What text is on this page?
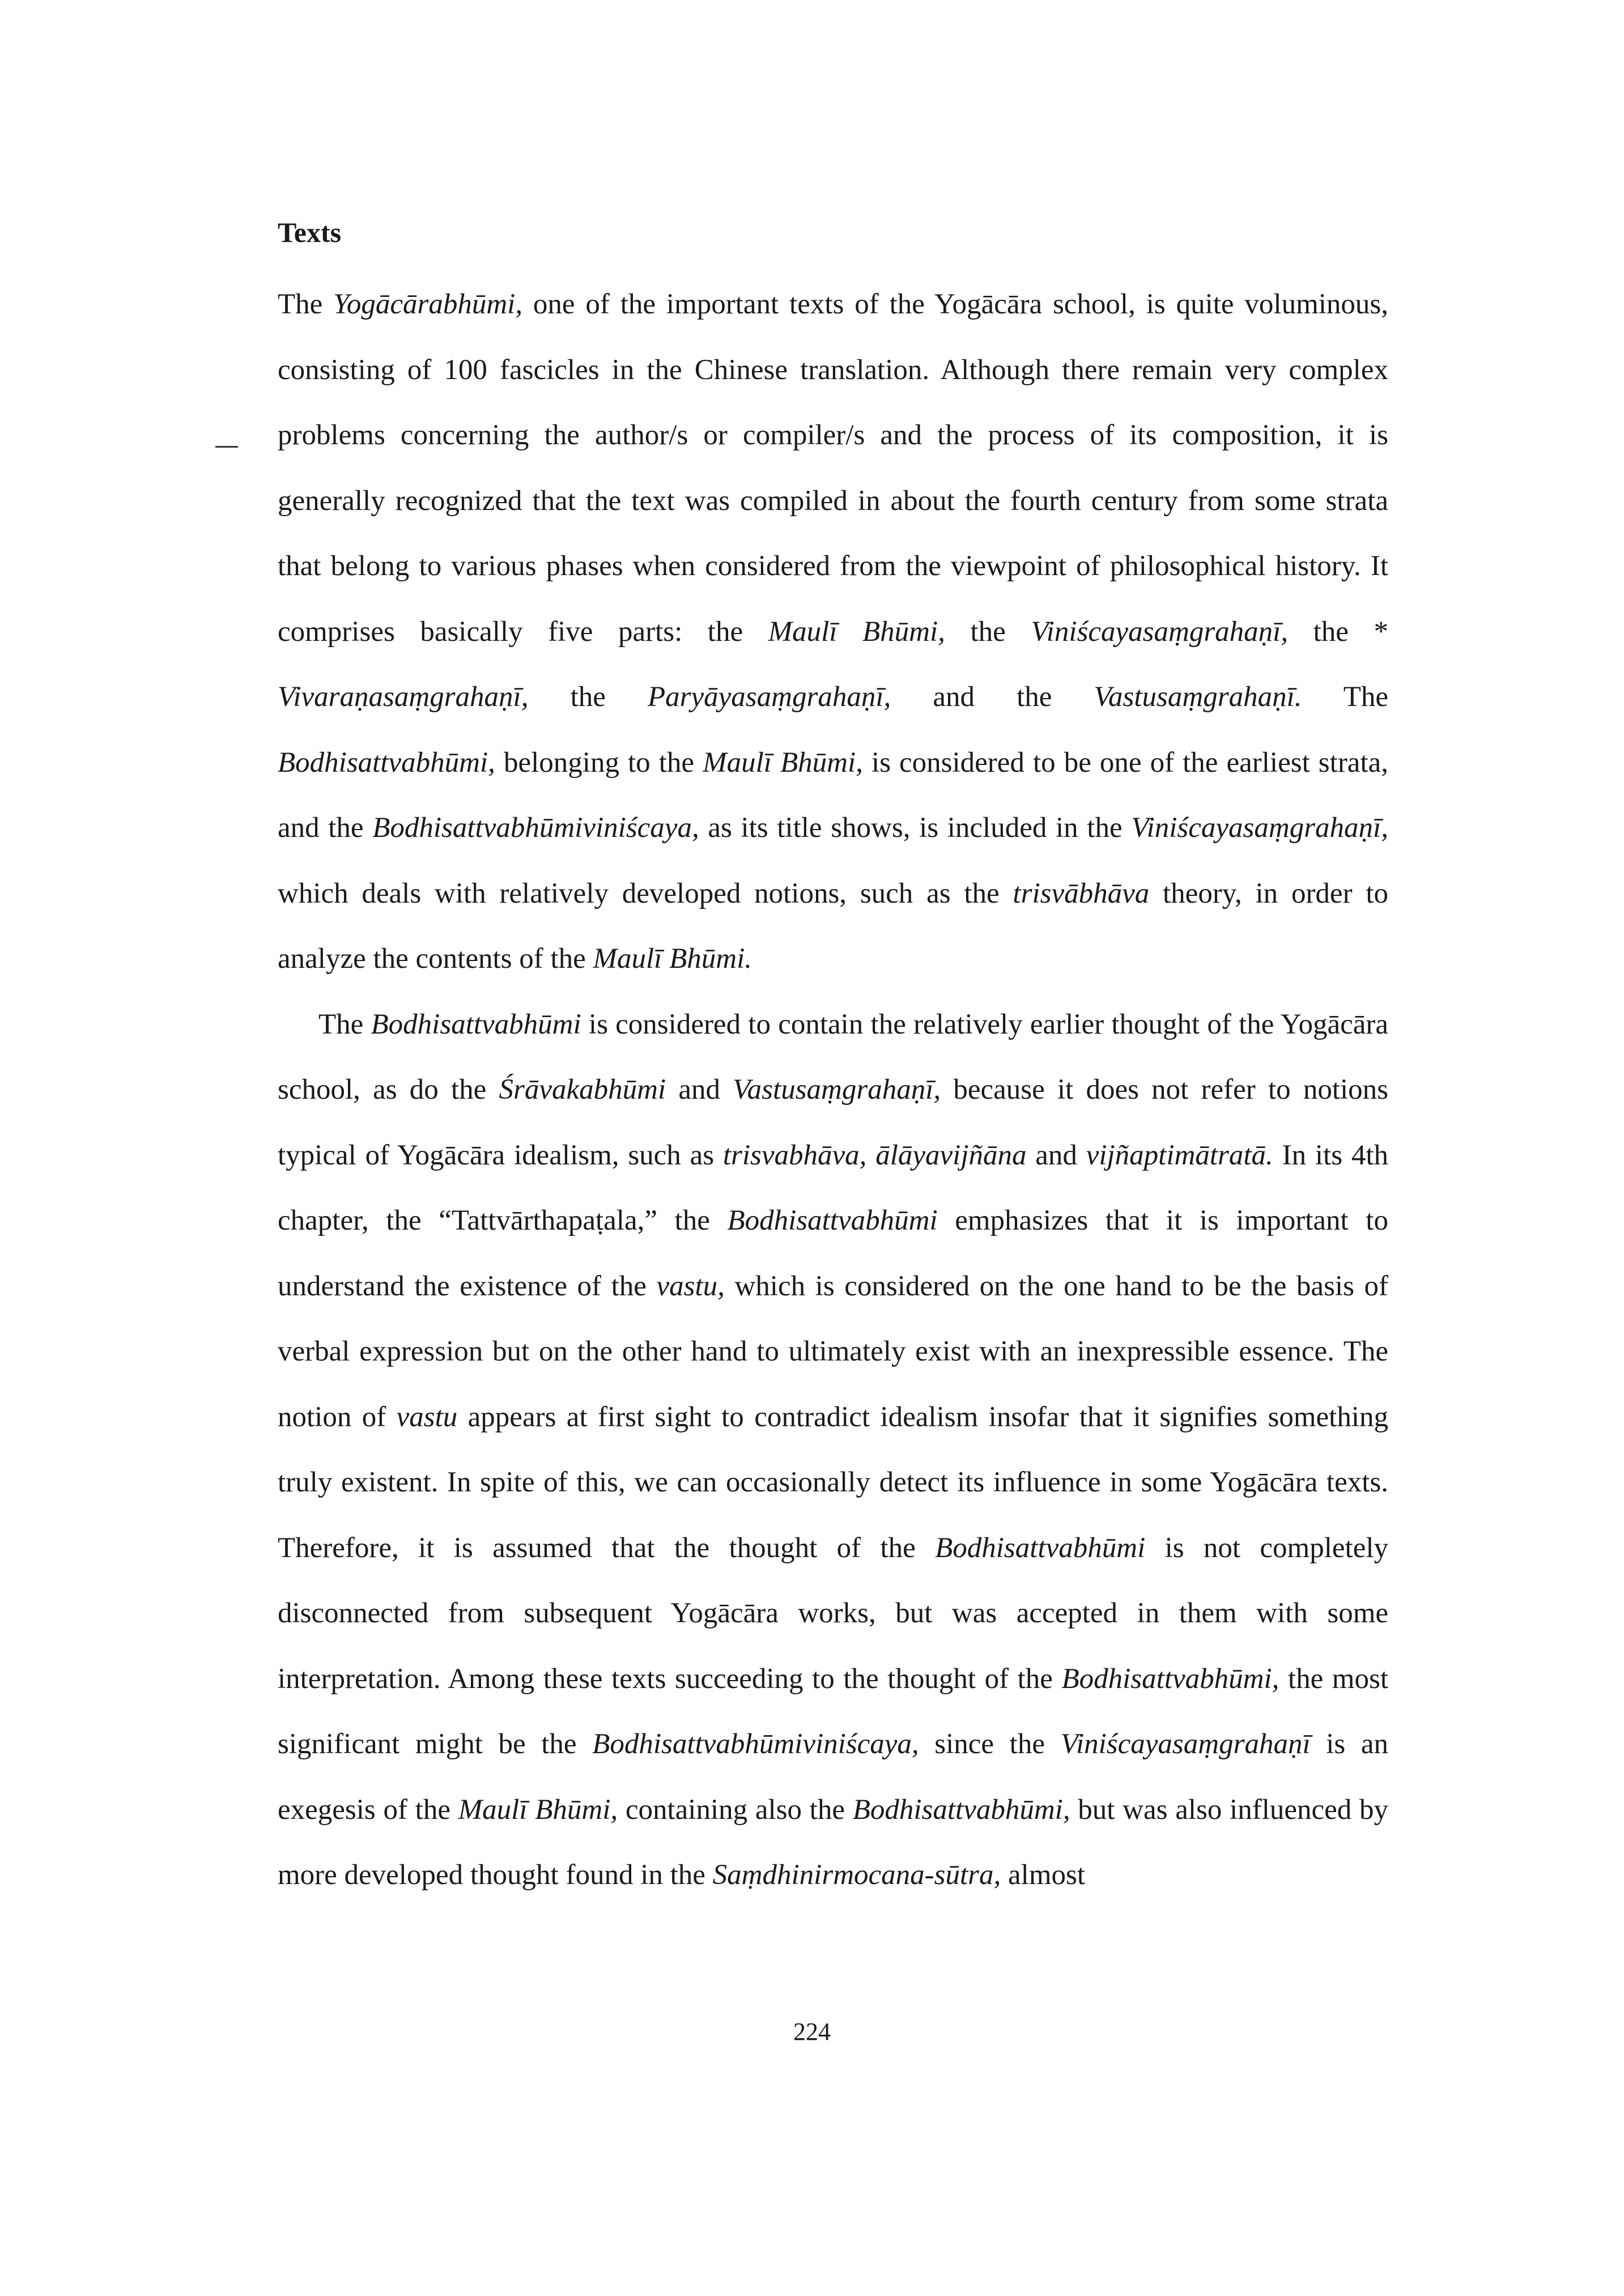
Texts

The Yogācārabhūmi, one of the important texts of the Yogācāra school, is quite voluminous, consisting of 100 fascicles in the Chinese translation. Although there remain very complex problems concerning the author/s or compiler/s and the process of its composition, it is generally recognized that the text was compiled in about the fourth century from some strata that belong to various phases when considered from the viewpoint of philosophical history. It comprises basically five parts: the Maulī Bhūmi, the Viniścayasaṃgrahaṇī, the * Vivaraṇasaṃgrahaṇī, the Paryāyasaṃgrahaṇī, and the Vastusaṃgrahaṇī. The Bodhisattvabhūmi, belonging to the Maulī Bhūmi, is considered to be one of the earliest strata, and the Bodhisattvabhūmiviniścaya, as its title shows, is included in the Viniścayasaṃgrahaṇī, which deals with relatively developed notions, such as the trisvābhāva theory, in order to analyze the contents of the Maulī Bhūmi.

The Bodhisattvabhūmi is considered to contain the relatively earlier thought of the Yogācāra school, as do the Śrāvakabhūmi and Vastusaṃgrahaṇī, because it does not refer to notions typical of Yogācāra idealism, such as trisvabhāva, ālāyavijñāna and vijñaptimātratā. In its 4th chapter, the “Tattvārthapaṭala,” the Bodhisattvabhūmi emphasizes that it is important to understand the existence of the vastu, which is considered on the one hand to be the basis of verbal expression but on the other hand to ultimately exist with an inexpressible essence. The notion of vastu appears at first sight to contradict idealism insofar that it signifies something truly existent. In spite of this, we can occasionally detect its influence in some Yogācāra texts. Therefore, it is assumed that the thought of the Bodhisattvabhūmi is not completely disconnected from subsequent Yogācāra works, but was accepted in them with some interpretation. Among these texts succeeding to the thought of the Bodhisattvabhūmi, the most significant might be the Bodhisattvabhūmiviniścaya, since the Viniścayasaṃgrahaṇī is an exegesis of the Maulī Bhūmi, containing also the Bodhisattvabhūmi, but was also influenced by more developed thought found in the Saṃdhinirmocana-sūtra, almost

224
